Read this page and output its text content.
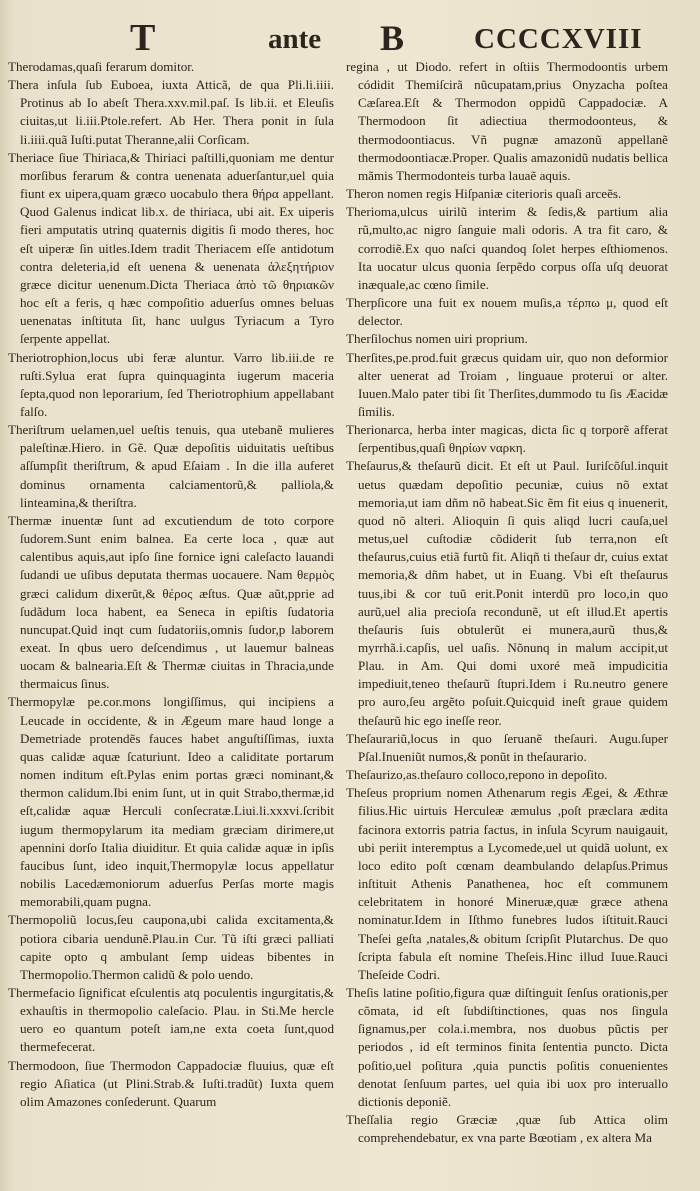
T	ante B CCCCXVIII

Therodamas,quaſi ferarum domitor.

Thera inſula ſub Euboea, iuxta Atticã, de qua Pli.li.iiii. Protinus ab Io abeſt Thera.xxv.mil.paſ. Is lib.ii. et Eleuſis ciuitas,ut li.iii.Ptole.refert. Ab Her. Thera ponit in ſula li.iiii.quã Iuſti.putat Theranne,alii Corſicam.

Theriace ſiue Thiriaca,& Thiriaci paſtilli,quoniam me dentur morſibus ferarum & contra uenenata aduerſantur,uel quia fiunt ex uipera,quam græco uocabulo thera θήρα appellant. Quod Galenus indicat lib.x. de thiriaca, ubi ait. Ex uiperis fieri amputatis utrinq quaternis digitis ſi modo theres, hoc eſt uiperæ ſin uitles.Idem tradit Theriacem eſſe antidotum contra deleteria,id eſt uenena & uenenata ἀλεξητήριον græce dicitur uenenum.Dicta Theriaca ἀπὸ τῶ θηριακῶν hoc eſt a feris, q hæc compoſitio aduerſus omnes beluas uenenatas inſtituta ſit, hanc uulgus Tyriacum a Tyro ſerpente appellat.

Theriotrophion,locus ubi feræ aluntur. Varro lib.iii.de re ruſti.Sylua erat ſupra quinquaginta iugerum maceria ſepta,quod non leporarium, ſed Theriotrophium appellabant falſo.

Theriſtrum uelamen,uel ueſtis tenuis, qua utebanẽ mulieres paleſtinæ.Hiero. in Gẽ. Quæ depoſitis uiduitatis ueſtibus aſſumpſit theriſtrum, & apud Eſaiam . In die illa auferet dominus ornamenta calciamentorũ,& palliola,& linteamina,& theriſtra.

Thermæ inuentæ ſunt ad excutiendum de toto corpore ſudorem.Sunt enim balnea. Ea certe loca , quæ aut calentibus aquis,aut ipſo ſine fornice igni caleſacto lauandi ſudandi ue uſibus deputata thermas uocauere. Nam θερμὸς græci calidum dixerũt,& θέρος æſtus. Quæ aũt,pprie ad ſudãdum loca habent, ea Seneca in epiſtis ſudatoria nuncupat.Quid inqt cum ſudatoriis,omnis ſudor,p laborem exeat. In qbus uero deſcendimus , ut lauemur balneas uocam & balnearia.Eſt & Thermæ ciuitas in Thracia,unde thermaicus ſinus.

Thermopylæ pe.cor.mons longiſſimus, qui incipiens a Leucade in occidente, & in Ægeum mare haud longe a Demetriade protendẽs fauces habet anguſtiſſimas, iuxta quas calidæ aquæ ſcaturiunt. Ideo a caliditate portarum nomen inditum eſt.Pylas enim portas græci nominant,& thermon calidum.Ibi enim ſunt, ut in quit Strabo,thermæ,id eſt,calidæ aquæ Herculi conſecratæ.Liui.li.xxxvi.ſcribit iugum thermopylarum ita mediam græciam dirimere,ut apennini dorſo Italia diuiditur. Et quia calidæ aquæ in ipſis faucibus ſunt, ideo inquit,Thermopylæ locus appellatur nobilis Lacedæmoniorum aduerſus Perſas morte magis memorabili,quam pugna.

Thermopoliũ locus,ſeu caupona,ubi calida excitamenta,& potiora cibaria uendunẽ.Plau.in Cur. Tũ iſti græci palliati capite opto q ambulant ſemp uideas bibentes in Thermopolio.Thermon calidũ & polo uendo.

Thermefacio ſignificat eſculentis atq poculentis ingurgitatis,& exhauſtis in thermopolio caleſacio. Plau. in Sti.Me hercle uero eo quantum poteſt iam,ne exta coeta ſunt,quod thermefecerat.

Thermodoon, ſiue Thermodon Cappadociæ fluuius, quæ eſt regio Aſiatica (ut Plini.Strab.& Iuſti.tradũt) Iuxta quem olim Amazones conſederunt. Quarum

regina , ut Diodo. refert in oſtiis Thermodoontis urbem códidit Themiſcirã nũcupatam,prius Onyzacha poſtea Cæſarea.Eſt & Thermodon oppidũ Cappadociæ. A Thermodoon ſit adiectiua thermodoonteus, & thermodoontiacus. Vñ pugnæ amazonũ appellanẽ thermodoontiacæ.Proper. Qualis amazonidũ nudatis bellica mãmis Thermodonteis turba lauaẽ aquis.

Theron nomen regis Hiſpaniæ citerioris quaſi arceẽs.

Therioma,ulcus uirilũ interim & ſedis,& partium alia rũ,multo,ac nigro ſanguie mali odoris. A tra fit caro, & corrodiẽ.Ex quo naſci quandoq ſolet herpes eſthiomenos. Ita uocatur ulcus quonia ſerpẽdo corpus oſſa uſq deuorat inæquale,ac cœno ſimile.

Therpſicore una fuit ex nouem muſis,a τέρπω μ, quod eſt delector.

Therſilochus nomen uiri proprium.

Therſites,pe.prod.fuit græcus quidam uir, quo non deformior alter uenerat ad Troiam , linguaue proterui or alter. Iuuen.Malo pater tibi ſit Therſites,dummodo tu ſis Æacidæ ſimilis.

Therionarca, herba inter magicas, dicta ſic q torporẽ afferat ſerpentibus,quaſi θηρίων ναρκη.

Theſaurus,& theſaurũ dicit. Et eſt ut Paul. Iuriſcõſul.inquit uetus quædam depoſitio pecuniæ, cuius nõ extat memoria,ut iam dñm nõ habeat.Sic ẽm fit eius q inuenerit, quod nõ alteri. Alioquin ſi quis aliqd lucri cauſa,uel metus,uel cuſtodiæ cõdiderit ſub terra,non eſt theſaurus,cuius etiã furtũ fit. Aliqñ ti theſaur dr, cuius extat memoria,& dñm habet, ut in Euang. Vbi eſt theſaurus tuus,ibi & cor tuũ erit.Ponit interdũ pro loco,in quo aurũ,uel alia precioſa recondunẽ, ut eſt illud.Et apertis theſauris ſuis obtulerũt ei munera,aurũ thus,& myrrhã.i.capſis, uel uaſis. Nõnunq in malum accipit,ut Plau. in Am. Qui domi uxoré meã impudicitia impediuit,teneo theſaurũ ſtupri.Idem i Ru.neutro genere pro auro,ſeu argẽto poſuit.Quicquid ineſt graue quidem theſaurũ hic ego ineſſe reor.

Theſaurariũ,locus in quo ſeruanẽ theſauri. Augu.ſuper Pſal.Inueniũt numos,& ponũt in theſaurario.

Theſaurizo,as.theſauro colloco,repono in depoſito.

Theſeus proprium nomen Athenarum regis Ægei, & Æthræ filius.Hic uirtuis Herculeæ æmulus ,poſt præclara ædita facinora extorris patria factus, in inſula Scyrum nauigauit, ubi periit interemptus a Lycomede,uel ut quidã uolunt, ex loco edito poſt cœnam deambulando delapſus.Primus inſtituit Athenis Panathenea, hoc eſt communem celebritatem in honoré Mineruæ,quæ græce athena nominatur.Idem in Iſthmo funebres ludos iſtituit.Rauci Theſei geſta ,natales,& obitum ſcripſit Plutarchus. De quo ſcripta fabula eſt nomine Theſeis.Hinc illud Iuue.Rauci Theſeide Codri.

Theſis latine poſitio,figura quæ diſtinguit ſenſus orationis,per cõmata, id eſt ſubdiſtinctiones, quas nos ſingula ſignamus,per cola.i.membra, nos duobus pũctis per periodos , id eſt terminos finita ſententia puncto. Dicta poſitio,uel poſitura ,quia punctis poſitis conuenientes denotat ſenſuum partes, uel quia ibi uox pro interuallo dictionis deponiẽ.

Theſſalia regio Græciæ ,quæ ſub Attica olim comprehendebatur, ex vna parte Bœotiam , ex altera Ma
